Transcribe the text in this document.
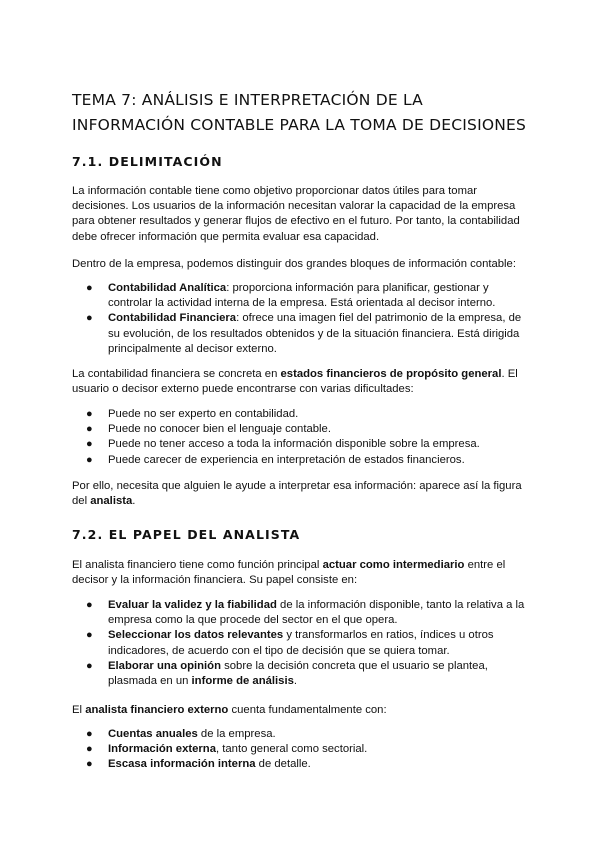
TEMA 7: ANÁLISIS E INTERPRETACIÓN DE LA
INFORMACIÓN CONTABLE PARA LA TOMA DE DECISIONES
7.1. DELIMITACIÓN

La información contable tiene como objetivo proporcionar datos útiles para tomar decisiones. Los usuarios de la información necesitan valorar la capacidad de la empresa para obtener resultados y generar flujos de efectivo en el futuro. Por tanto, la contabilidad debe ofrecer información que permita evaluar esa capacidad.

Dentro de la empresa, podemos distinguir dos grandes bloques de información contable:

● Contabilidad Analítica: proporciona información para planificar, gestionar y controlar la actividad interna de la empresa. Está orientada al decisor interno.
● Contabilidad Financiera: ofrece una imagen fiel del patrimonio de la empresa, de su evolución, de los resultados obtenidos y de la situación financiera. Está dirigida principalmente al decisor externo.

La contabilidad financiera se concreta en estados financieros de propósito general. El usuario o decisor externo puede encontrarse con varias dificultades:

● Puede no ser experto en contabilidad.
● Puede no conocer bien el lenguaje contable.
● Puede no tener acceso a toda la información disponible sobre la empresa.
● Puede carecer de experiencia en interpretación de estados financieros.

Por ello, necesita que alguien le ayude a interpretar esa información: aparece así la figura del analista.

7.2. EL PAPEL DEL ANALISTA

El analista financiero tiene como función principal actuar como intermediario entre el decisor y la información financiera. Su papel consiste en:

● Evaluar la validez y la fiabilidad de la información disponible, tanto la relativa a la empresa como la que procede del sector en el que opera.
● Seleccionar los datos relevantes y transformarlos en ratios, índices u otros indicadores, de acuerdo con el tipo de decisión que se quiera tomar.
● Elaborar una opinión sobre la decisión concreta que el usuario se plantea, plasmada en un informe de análisis.

El analista financiero externo cuenta fundamentalmente con:

● Cuentas anuales de la empresa.
● Información externa, tanto general como sectorial.
● Escasa información interna de detalle.
